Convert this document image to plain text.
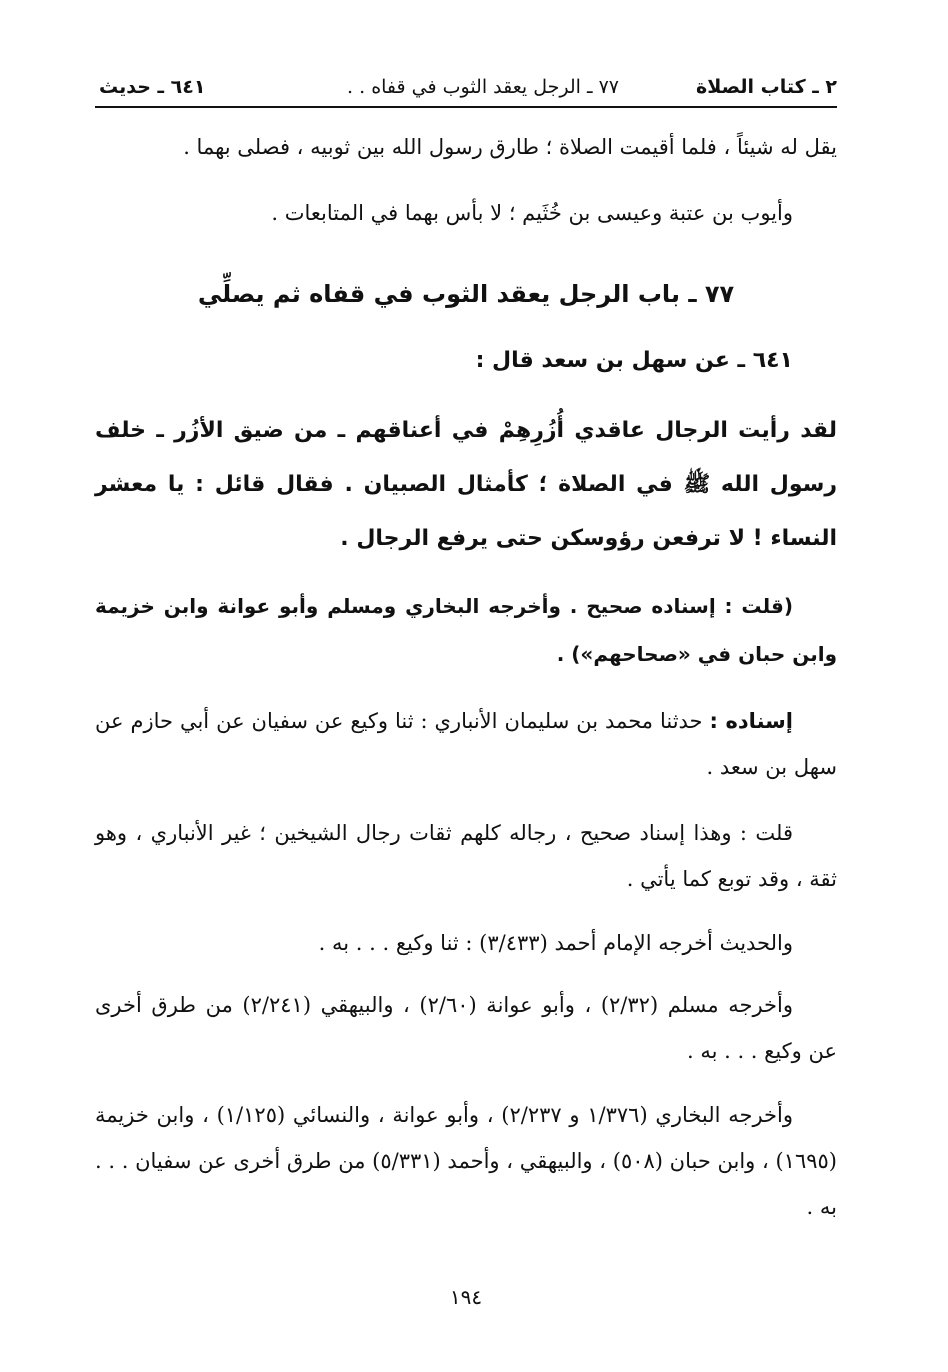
٢ ـ كتاب الصلاة
٧٧ ـ الرجل يعقد الثوب في قفاه . .
٦٤١ ـ حديث

يقل له شيئاً ، فلما أقيمت الصلاة ؛ طارق رسول الله بين ثوبيه ، فصلى بهما .

وأيوب بن عتبة وعيسى بن خُثَيم ؛ لا بأس بهما في المتابعات .

٧٧ ـ باب الرجل يعقد الثوب في قفاه ثم يصلِّي

٦٤١ ـ عن سهل بن سعد قال :

لقد رأيت الرجال عاقدي أُزُرِهِمْ في أعناقهم ـ من ضيق الأزُر ـ خلف رسول الله ﷺ في الصلاة ؛ كأمثال الصبيان . فقال قائل : يا معشر النساء ! لا ترفعن رؤوسكن حتى يرفع الرجال .

(قلت : إسناده صحيح . وأخرجه البخاري ومسلم وأبو عوانة وابن خزيمة وابن حبان في «صحاحهم») .

إسناده : حدثنا محمد بن سليمان الأنباري : ثنا وكيع عن سفيان عن أبي حازم عن سهل بن سعد .

قلت : وهذا إسناد صحيح ، رجاله كلهم ثقات رجال الشيخين ؛ غير الأنباري ، وهو ثقة ، وقد توبع كما يأتي .

والحديث أخرجه الإمام أحمد (٣/٤٣٣) : ثنا وكيع . . . به .

وأخرجه مسلم (٢/٣٢) ، وأبو عوانة (٢/٦٠) ، والبيهقي (٢/٢٤١) من طرق أخرى عن وكيع . . . به .

وأخرجه البخاري (١/٣٧٦ و ٢/٢٣٧) ، وأبو عوانة ، والنسائي (١/١٢٥) ، وابن خزيمة (١٦٩٥) ، وابن حبان (٥٠٨) ، والبيهقي ، وأحمد (٥/٣٣١) من طرق أخرى عن سفيان . . . به .

١٩٤
